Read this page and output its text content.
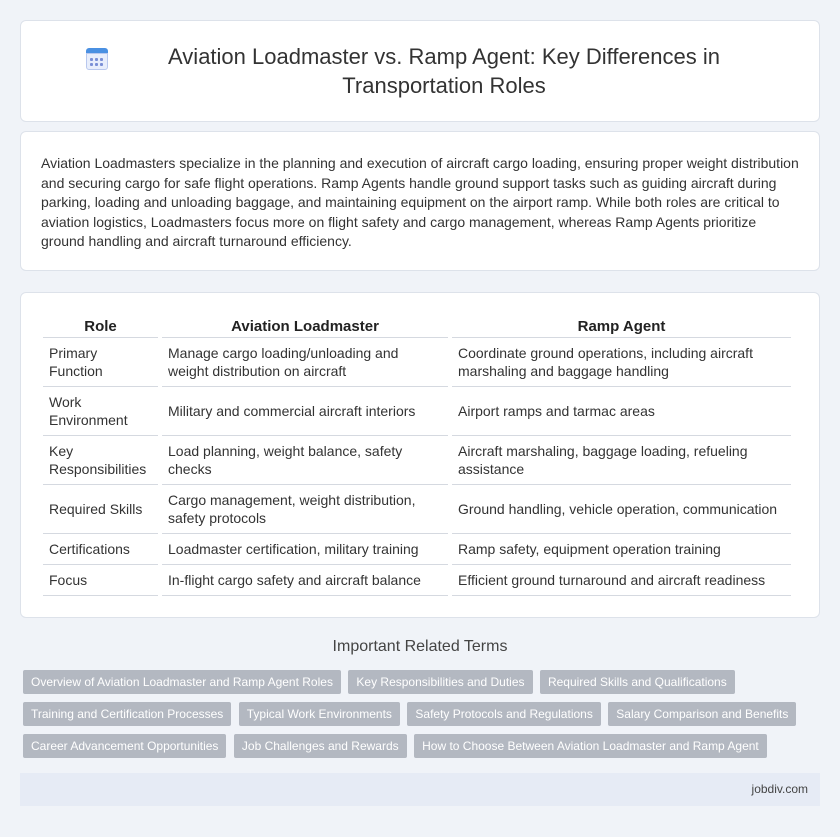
Aviation Loadmaster vs. Ramp Agent: Key Differences in Transportation Roles

Aviation Loadmasters specialize in the planning and execution of aircraft cargo loading, ensuring proper weight distribution and securing cargo for safe flight operations. Ramp Agents handle ground support tasks such as guiding aircraft during parking, loading and unloading baggage, and maintaining equipment on the airport ramp. While both roles are critical to aviation logistics, Loadmasters focus more on flight safety and cargo management, whereas Ramp Agents prioritize ground handling and aircraft turnaround efficiency.

Role	Aviation Loadmaster	Ramp Agent
Primary Function	Manage cargo loading/unloading and weight distribution on aircraft	Coordinate ground operations, including aircraft marshaling and baggage handling
Work Environment	Military and commercial aircraft interiors	Airport ramps and tarmac areas
Key Responsibilities	Load planning, weight balance, safety checks	Aircraft marshaling, baggage loading, refueling assistance
Required Skills	Cargo management, weight distribution, safety protocols	Ground handling, vehicle operation, communication
Certifications	Loadmaster certification, military training	Ramp safety, equipment operation training
Focus	In-flight cargo safety and aircraft balance	Efficient ground turnaround and aircraft readiness
Important Related Terms
Overview of Aviation Loadmaster and Ramp Agent Roles Key Responsibilities and Duties Required Skills and Qualifications Training and Certification Processes Typical Work Environments Safety Protocols and Regulations Salary Comparison and Benefits Career Advancement Opportunities Job Challenges and Rewards How to Choose Between Aviation Loadmaster and Ramp Agent
jobdiv.com
